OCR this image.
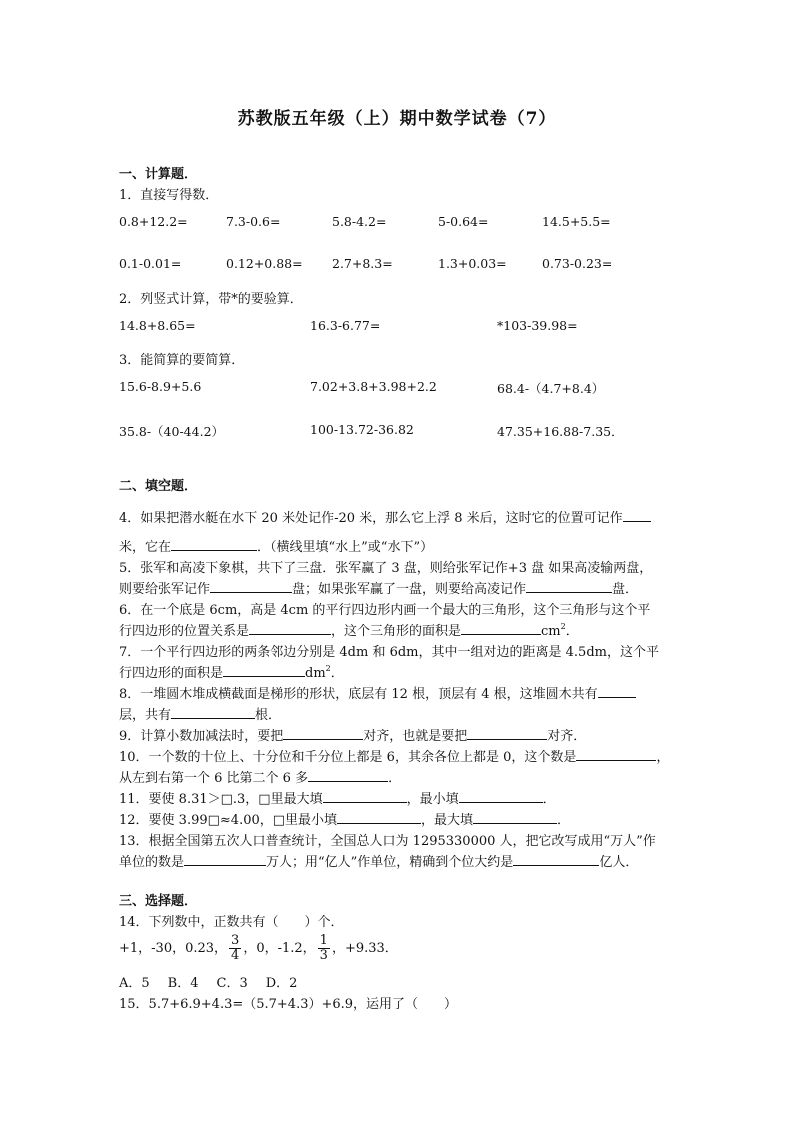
苏教版五年级（上）期中数学试卷（7）
一、计算题．
1．直接写得数．
0.8+12.2=	7.3-0.6=	5.8-4.2=	5-0.64=	14.5+5.5=
0.1-0.01=	0.12+0.88= 2.7+8.3=	1.3+0.03=	0.73-0.23=
2．列竖式计算，带*的要验算．
14.8+8.65=	16.3-6.77=	*103-39.98=
3．能简算的要简算．
15.6-8.9+5.6	7.02+3.8+3.98+2.2	68.4-（4.7+8.4）
35.8-（40-44.2）	100-13.72-36.82	47.35+16.88-7.35．
二、填空题．
4．如果把潜水艇在水下 20 米处记作-20 米，那么它上浮 8 米后，这时它的位置可记作
米，它在	．（横线里填“水上”或“水下”）
5．张军和高凌下象棋，共下了三盘．张军赢了 3 盘，则给张军记作+3 盘 如果高凌输两盘，
则要给张军记作	盘；如果张军赢了一盘，则要给高凌记作	盘．
6．在一个底是 6cm，高是 4cm 的平行四边形内画一个最大的三角形，这个三角形与这个平
行四边形的位置关系是	，这个三角形的面积是	$cm^2$．
7．一个平行四边形的两条邻边分别是 4dm 和 6dm，其中一组对边的距离是 4.5dm，这个平
行四边形的面积是	$dm^2$．
8．一堆圆木堆成横截面是梯形的形状，底层有 12 根，顶层有 4 根，这堆圆木共有
层，共有	根．
9．计算小数加减法时，要把	对齐，也就是要把	对齐．
10．一个数的十位上、十分位和千分位上都是 6，其余各位上都是 0，这个数是	，
从左到右第一个 6 比第二个 6 多	．
11．要使 8.31＞□.3，□里最大填	，最小填	．
12．要使 3.99□≈4.00，□里最小填	，最大填	．
13．根据全国第五次人口普查统计，全国总人口为 1295330000 人，把它改写成用“万人”作
单位的数是	万人；用“亿人”作单位，精确到个位大约是	亿人．
三、选择题．
14．下列数中，正数共有（　　）个．
+1，-30，0.23， $\frac{3}{4}$ ，0，-1.2， $\frac{1}{3}$ ，+9.33．
A．5 B．4 C．3 D．2
15．5.7+6.9+4.3=（5.7+4.3）+6.9，运用了（　　）
